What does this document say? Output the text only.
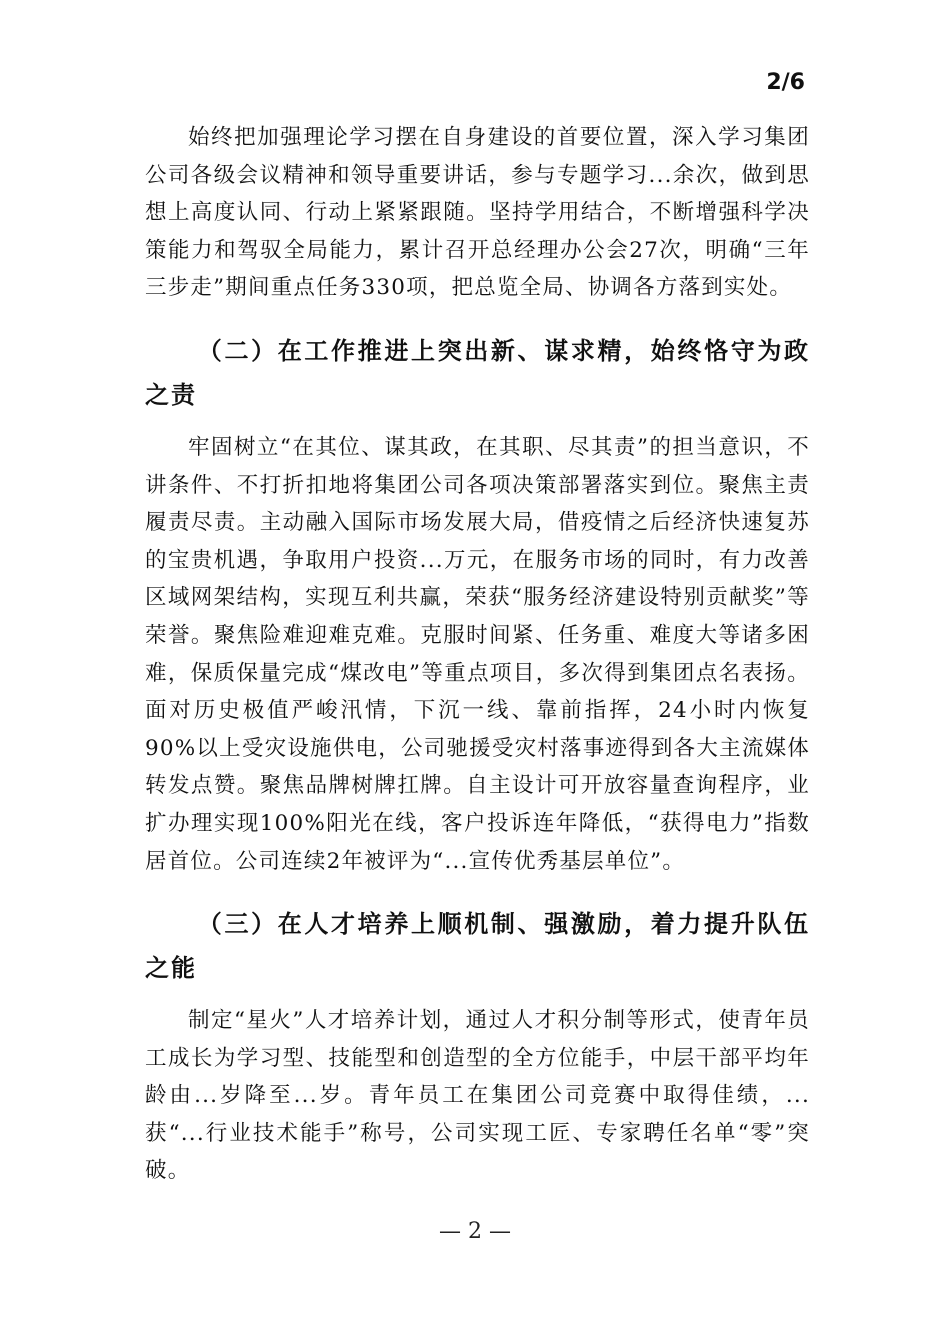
2/6

始终把加强理论学习摆在自身建设的首要位置，深入学习集团公司各级会议精神和领导重要讲话，参与专题学习...余次，做到思想上高度认同、行动上紧紧跟随。坚持学用结合，不断增强科学决策能力和驾驭全局能力，累计召开总经理办公会27次，明确“三年三步走”期间重点任务330项，把总览全局、协调各方落到实处。

（二）在工作推进上突出新、谋求精，始终恪守为政之责

牢固树立“在其位、谋其政，在其职、尽其责”的担当意识，不讲条件、不打折扣地将集团公司各项决策部署落实到位。聚焦主责履责尽责。主动融入国际市场发展大局，借疫情之后经济快速复苏的宝贵机遇，争取用户投资...万元，在服务市场的同时，有力改善区域网架结构，实现互利共赢，荣获“服务经济建设特别贡献奖”等荣誉。聚焦险难迎难克难。克服时间紧、任务重、难度大等诸多困难，保质保量完成“煤改电”等重点项目，多次得到集团点名表扬。面对历史极值严峻汛情，下沉一线、靠前指挥，24小时内恢复90%以上受灾设施供电，公司驰援受灾村落事迹得到各大主流媒体转发点赞。聚焦品牌树牌扛牌。自主设计可开放容量查询程序，业扩办理实现100%阳光在线，客户投诉连年降低，“获得电力”指数居首位。公司连续2年被评为“...宣传优秀基层单位”。

（三）在人才培养上顺机制、强激励，着力提升队伍之能

制定“星火”人才培养计划，通过人才积分制等形式，使青年员工成长为学习型、技能型和创造型的全方位能手，中层干部平均年龄由...岁降至...岁。青年员工在集团公司竞赛中取得佳绩，...获“...行业技术能手”称号，公司实现工匠、专家聘任名单“零”突破。

— 2 —
